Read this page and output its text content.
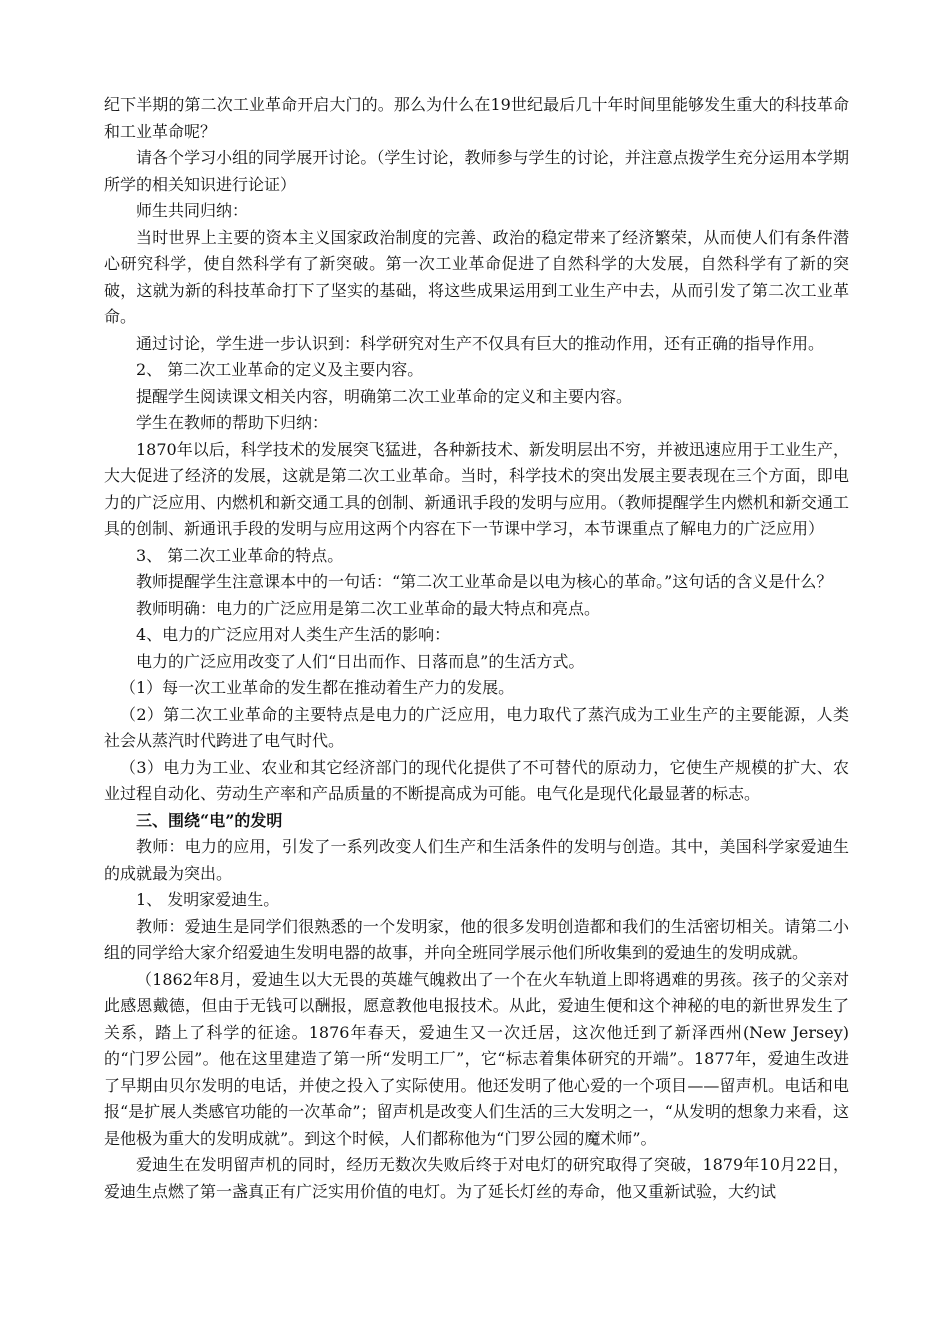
纪下半期的第二次工业革命开启大门的。那么为什么在19世纪最后几十年时间里能够发生重大的科技革命和工业革命呢？

请各个学习小组的同学展开讨论。（学生讨论，教师参与学生的讨论，并注意点拨学生充分运用本学期所学的相关知识进行论证）

师生共同归纳：

当时世界上主要的资本主义国家政治制度的完善、政治的稳定带来了经济繁荣，从而使人们有条件潜心研究科学，使自然科学有了新突破。第一次工业革命促进了自然科学的大发展，自然科学有了新的突破，这就为新的科技革命打下了坚实的基础，将这些成果运用到工业生产中去，从而引发了第二次工业革命。

通过讨论，学生进一步认识到：科学研究对生产不仅具有巨大的推动作用，还有正确的指导作用。

2、 第二次工业革命的定义及主要内容。

提醒学生阅读课文相关内容，明确第二次工业革命的定义和主要内容。

学生在教师的帮助下归纳：

1870年以后，科学技术的发展突飞猛进，各种新技术、新发明层出不穷，并被迅速应用于工业生产，大大促进了经济的发展，这就是第二次工业革命。当时，科学技术的突出发展主要表现在三个方面，即电力的广泛应用、内燃机和新交通工具的创制、新通讯手段的发明与应用。（教师提醒学生内燃机和新交通工具的创制、新通讯手段的发明与应用这两个内容在下一节课中学习，本节课重点了解电力的广泛应用）

3、 第二次工业革命的特点。

教师提醒学生注意课本中的一句话：“第二次工业革命是以电为核心的革命。”这句话的含义是什么？

教师明确：电力的广泛应用是第二次工业革命的最大特点和亮点。

4、电力的广泛应用对人类生产生活的影响：

电力的广泛应用改变了人们“日出而作、日落而息”的生活方式。

（1）每一次工业革命的发生都在推动着生产力的发展。

（2）第二次工业革命的主要特点是电力的广泛应用，电力取代了蒸汽成为工业生产的主要能源，人类社会从蒸汽时代跨进了电气时代。

（3）电力为工业、农业和其它经济部门的现代化提供了不可替代的原动力，它使生产规模的扩大、农业过程自动化、劳动生产率和产品质量的不断提高成为可能。电气化是现代化最显著的标志。

三、围绕“电”的发明

教师：电力的应用，引发了一系列改变人们生产和生活条件的发明与创造。其中，美国科学家爱迪生的成就最为突出。

1、 发明家爱迪生。

教师：爱迪生是同学们很熟悉的一个发明家，他的很多发明创造都和我们的生活密切相关。请第二小组的同学给大家介绍爱迪生发明电器的故事，并向全班同学展示他们所收集到的爱迪生的发明成就。

（1862年8月，爱迪生以大无畏的英雄气魄救出了一个在火车轨道上即将遇难的男孩。孩子的父亲对此感恩戴德，但由于无钱可以酬报，愿意教他电报技术。从此，爱迪生便和这个神秘的电的新世界发生了关系，踏上了科学的征途。1876年春天，爱迪生又一次迁居，这次他迁到了新泽西州(New Jersey)的“门罗公园”。他在这里建造了第一所“发明工厂”，它“标志着集体研究的开端”。1877年，爱迪生改进了早期由贝尔发明的电话，并使之投入了实际使用。他还发明了他心爱的一个项目——留声机。电话和电报“是扩展人类感官功能的一次革命”；留声机是改变人们生活的三大发明之一，“从发明的想象力来看，这是他极为重大的发明成就”。到这个时候，人们都称他为“门罗公园的魔术师”。

爱迪生在发明留声机的同时，经历无数次失败后终于对电灯的研究取得了突破，1879年10月22日，爱迪生点燃了第一盏真正有广泛实用价值的电灯。为了延长灯丝的寿命，他又重新试验，大约试
